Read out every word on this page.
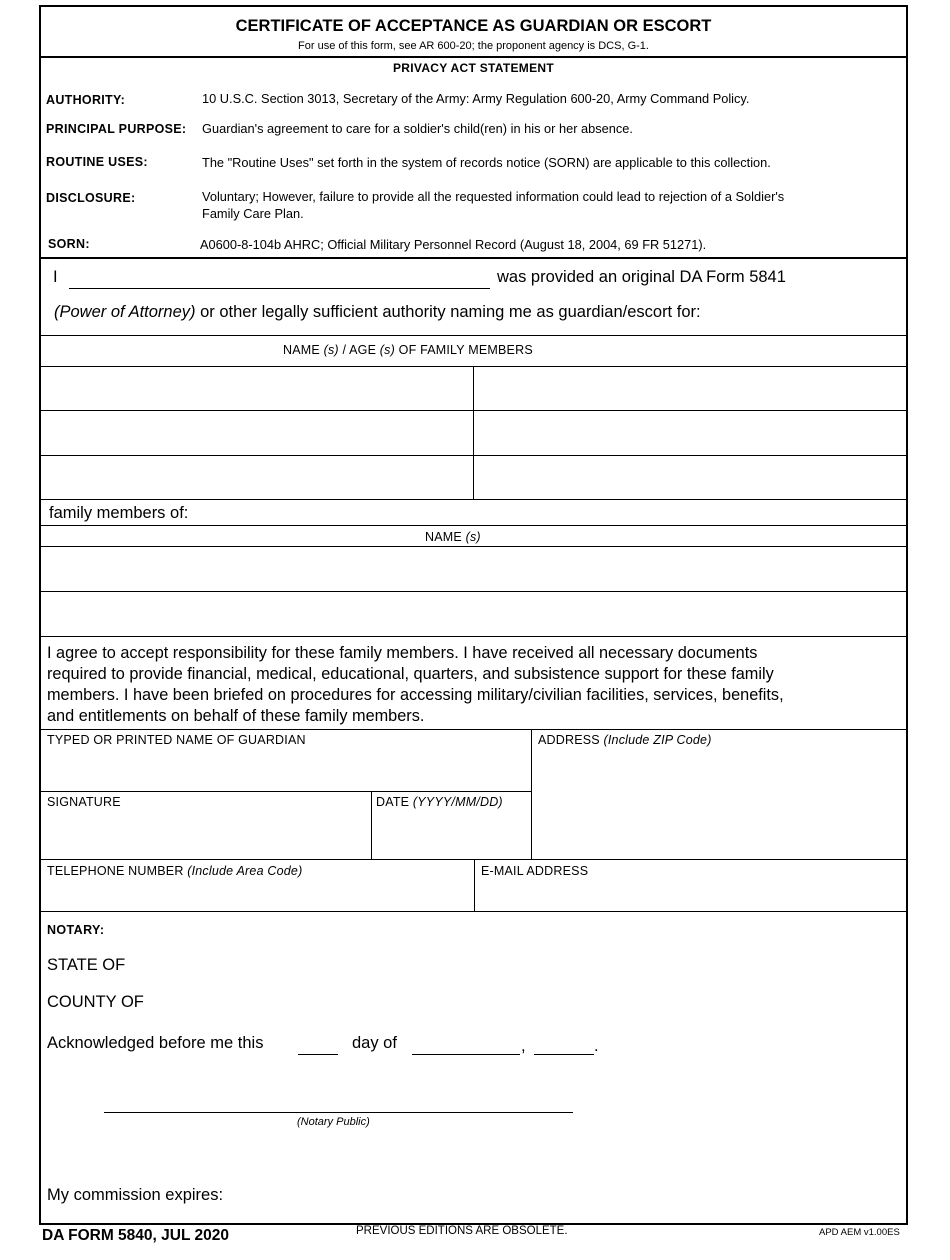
CERTIFICATE OF ACCEPTANCE AS GUARDIAN OR ESCORT
For use of this form, see AR 600-20; the proponent agency is DCS, G-1.
PRIVACY ACT STATEMENT
AUTHORITY:	10 U.S.C. Section 3013, Secretary of the Army: Army Regulation 600-20, Army Command Policy.
PRINCIPAL PURPOSE: Guardian's agreement to care for a soldier's child(ren) in his or her absence.
ROUTINE USES:	The "Routine Uses" set forth in the system of records notice (SORN) are applicable to this collection.
DISCLOSURE:	Voluntary; However, failure to provide all the requested information could lead to rejection of a Soldier's
Family Care Plan.
SORN:	A0600-8-104b AHRC; Official Military Personnel Record (August 18, 2004, 69 FR 51271).
I	was provided an original DA Form 5841
(Power of Attorney) or other legally sufficient authority naming me as guardian/escort for:
NAME (s) / AGE (s) OF FAMILY MEMBERS
family members of:
NAME (s)
I agree to accept responsibility for these family members. I have received all necessary documents
required to provide financial, medical, educational, quarters, and subsistence support for these family
members. I have been briefed on procedures for accessing military/civilian facilities, services, benefits,
and entitlements on behalf of these family members.
TYPED OR PRINTED NAME OF GUARDIAN	ADDRESS (Include ZIP Code)
SIGNATURE	DATE (YYYY/MM/DD)
TELEPHONE NUMBER (Include Area Code)	E-MAIL ADDRESS
NOTARY:
STATE OF
COUNTY OF
Acknowledged before me this	day of	,	.
(Notary Public)
My commission expires:
DA FORM 5840, JUL 2020	PREVIOUS EDITIONS ARE OBSOLETE.	APD AEM v1.00ES
